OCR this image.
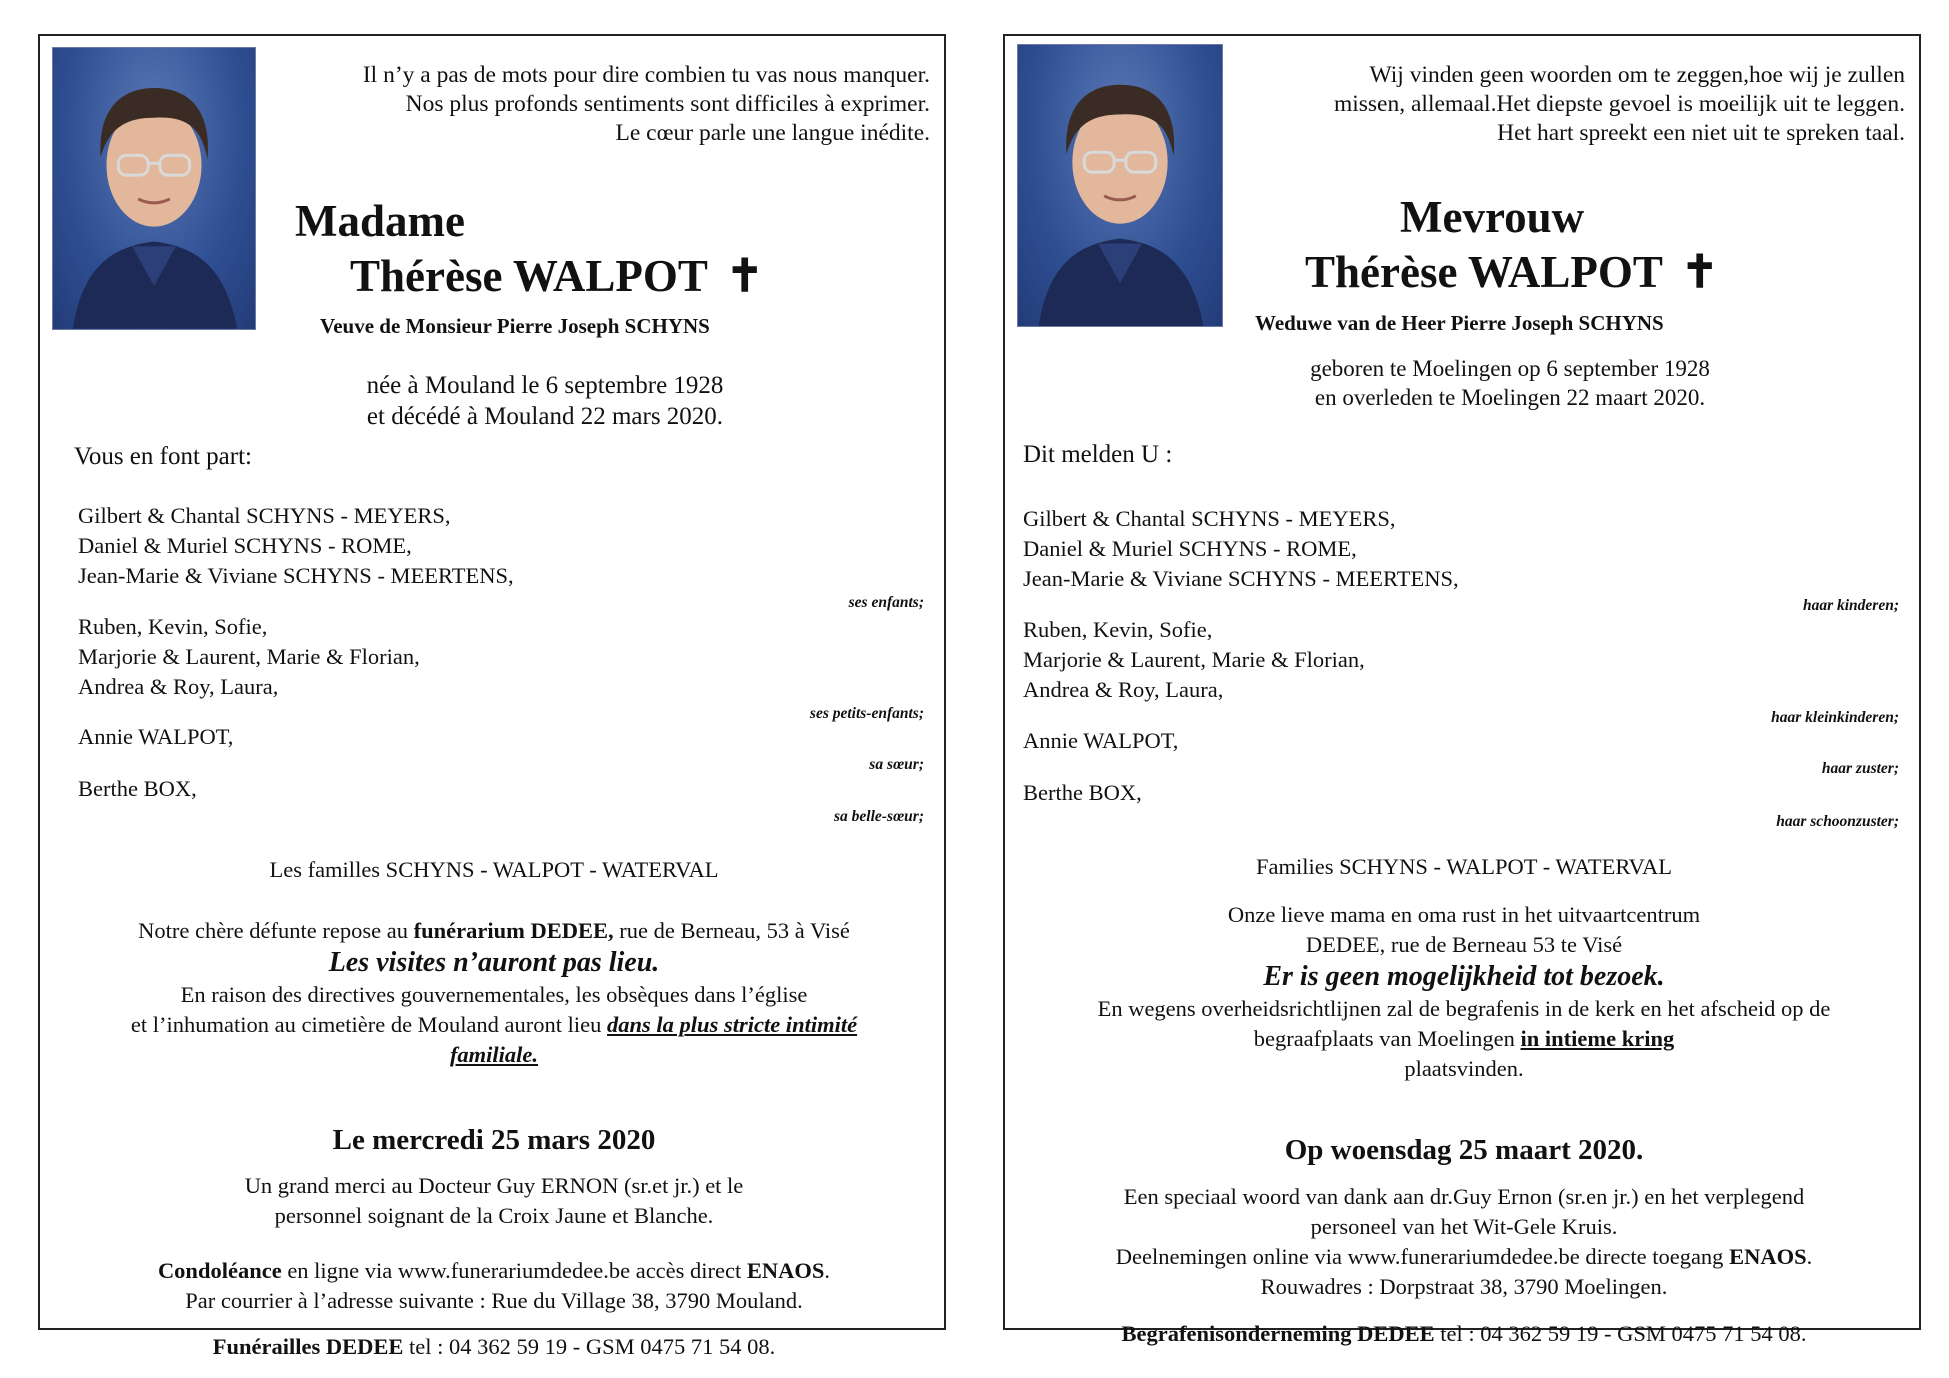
Il n’y a pas de mots pour dire combien tu vas nous manquer.
Nos plus profonds sentiments sont difficiles à exprimer.
Le cœur parle une langue inédite.
Madame
Thérèse WALPOT ✝
Veuve de Monsieur Pierre Joseph SCHYNS
née à Mouland le 6 septembre 1928
et décédé à Mouland 22 mars 2020.
Vous en font part:
Gilbert & Chantal SCHYNS - MEYERS,
Daniel & Muriel SCHYNS - ROME,
Jean-Marie & Viviane SCHYNS - MEERTENS,
ses enfants;
Ruben, Kevin, Sofie,
Marjorie & Laurent, Marie & Florian,
Andrea & Roy, Laura,
ses petits-enfants;
Annie WALPOT,
sa sœur;
Berthe BOX,
sa belle-sœur;
Les familles SCHYNS - WALPOT - WATERVAL
Notre chère défunte repose au funérarium DEDEE, rue de Berneau, 53 à Visé
Les visites n’auront pas lieu.
En raison des directives gouvernementales, les obsèques dans l’église
et l’inhumation au cimetière de Mouland auront lieu dans la plus stricte intimité
familiale.
Le mercredi 25 mars 2020
Un grand merci au Docteur Guy ERNON (sr.et jr.) et le
personnel soignant de la Croix Jaune et Blanche.
Condoléance en ligne via www.funerariumdedee.be accès direct ENAOS.
Par courrier à l’adresse suivante : Rue du Village 38, 3790 Mouland.
Funérailles DEDEE tel : 04 362 59 19 - GSM 0475 71 54 08.
Wij vinden geen woorden om te zeggen,hoe wij je zullen
missen, allemaal.Het diepste gevoel is moeilijk uit te leggen.
Het hart spreekt een niet uit te spreken taal.
Mevrouw
Thérèse WALPOT ✝
Weduwe van de Heer Pierre Joseph SCHYNS
geboren te Moelingen op 6 september 1928
en overleden te Moelingen 22 maart 2020.
Dit melden U :
Gilbert & Chantal SCHYNS - MEYERS,
Daniel & Muriel SCHYNS - ROME,
Jean-Marie & Viviane SCHYNS - MEERTENS,
haar kinderen;
Ruben, Kevin, Sofie,
Marjorie & Laurent, Marie & Florian,
Andrea & Roy, Laura,
haar kleinkinderen;
Annie WALPOT,
haar zuster;
Berthe BOX,
haar schoonzuster;
Families SCHYNS - WALPOT - WATERVAL
Onze lieve mama en oma rust in het uitvaartcentrum
DEDEE, rue de Berneau 53 te Visé
Er is geen mogelijkheid tot bezoek.
En wegens overheidsrichtlijnen zal de begrafenis in de kerk en het afscheid op de
begraafplaats van Moelingen in intieme kring
plaatsvinden.
Op woensdag 25 maart 2020.
Een speciaal woord van dank aan dr.Guy Ernon (sr.en jr.) en het verplegend
personeel van het Wit-Gele Kruis.
Deelnemingen online via www.funerariumdedee.be directe toegang ENAOS.
Rouwadres : Dorpstraat 38, 3790 Moelingen.
Begrafenisonderneming DEDEE tel : 04 362 59 19 - GSM 0475 71 54 08.
